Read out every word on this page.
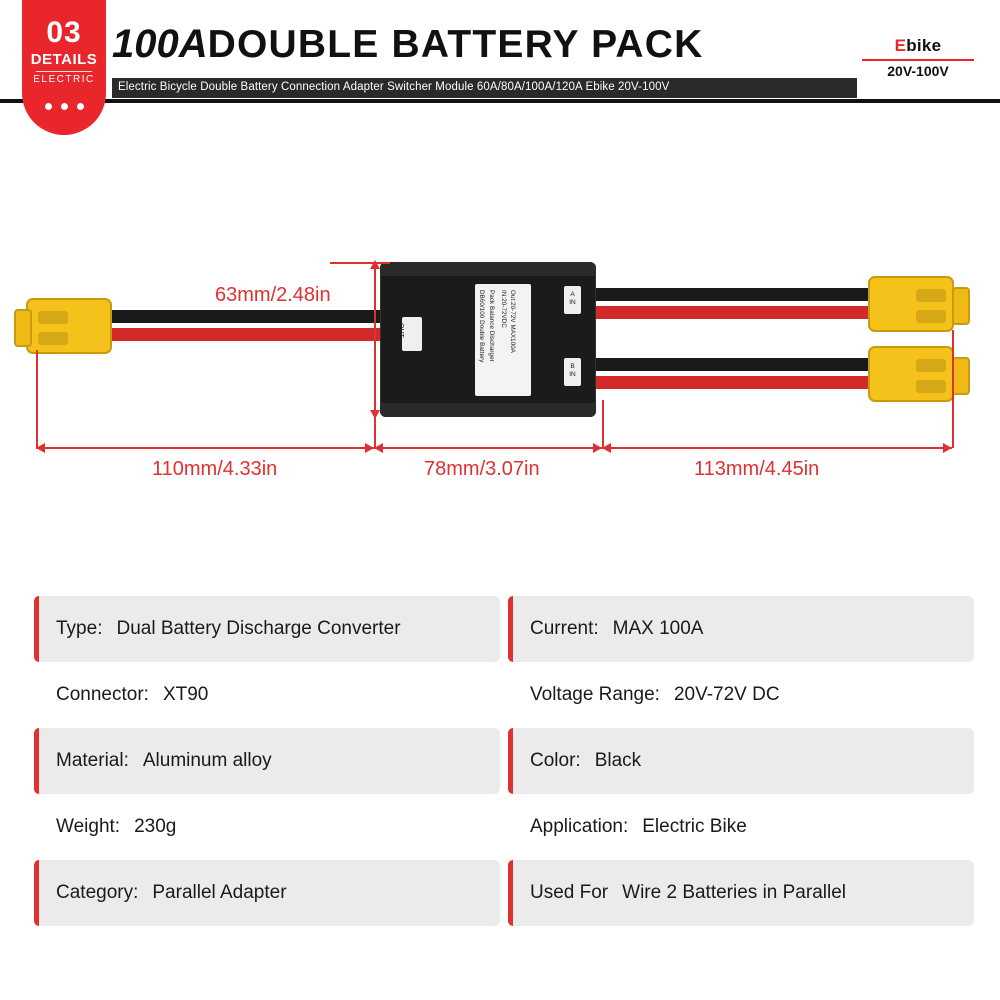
03
DETAILS
ELECTRIC
100ADOUBLE BATTERY PACK
Electric Bicycle Double Battery Connection Adapter Switcher Module 60A/80A/100A/120A Ebike 20V-100V
Ebike
20V-100V
OUT	DB60/100 Double Battery Pack Balance Discharger IN:20-72VDC Out:20-72V MAX100A	A
IN
B
IN
63mm/2.48in
110mm/4.33in	78mm/3.07in	113mm/4.45in
Type: Dual Battery Discharge Converter	Current: MAX 100A
Connector: XT90	Voltage Range: 20V-72V DC
Material: Aluminum alloy	Color: Black
Weight: 230g	Application: Electric Bike
Category: Parallel Adapter	Used For Wire 2 Batteries in Parallel
